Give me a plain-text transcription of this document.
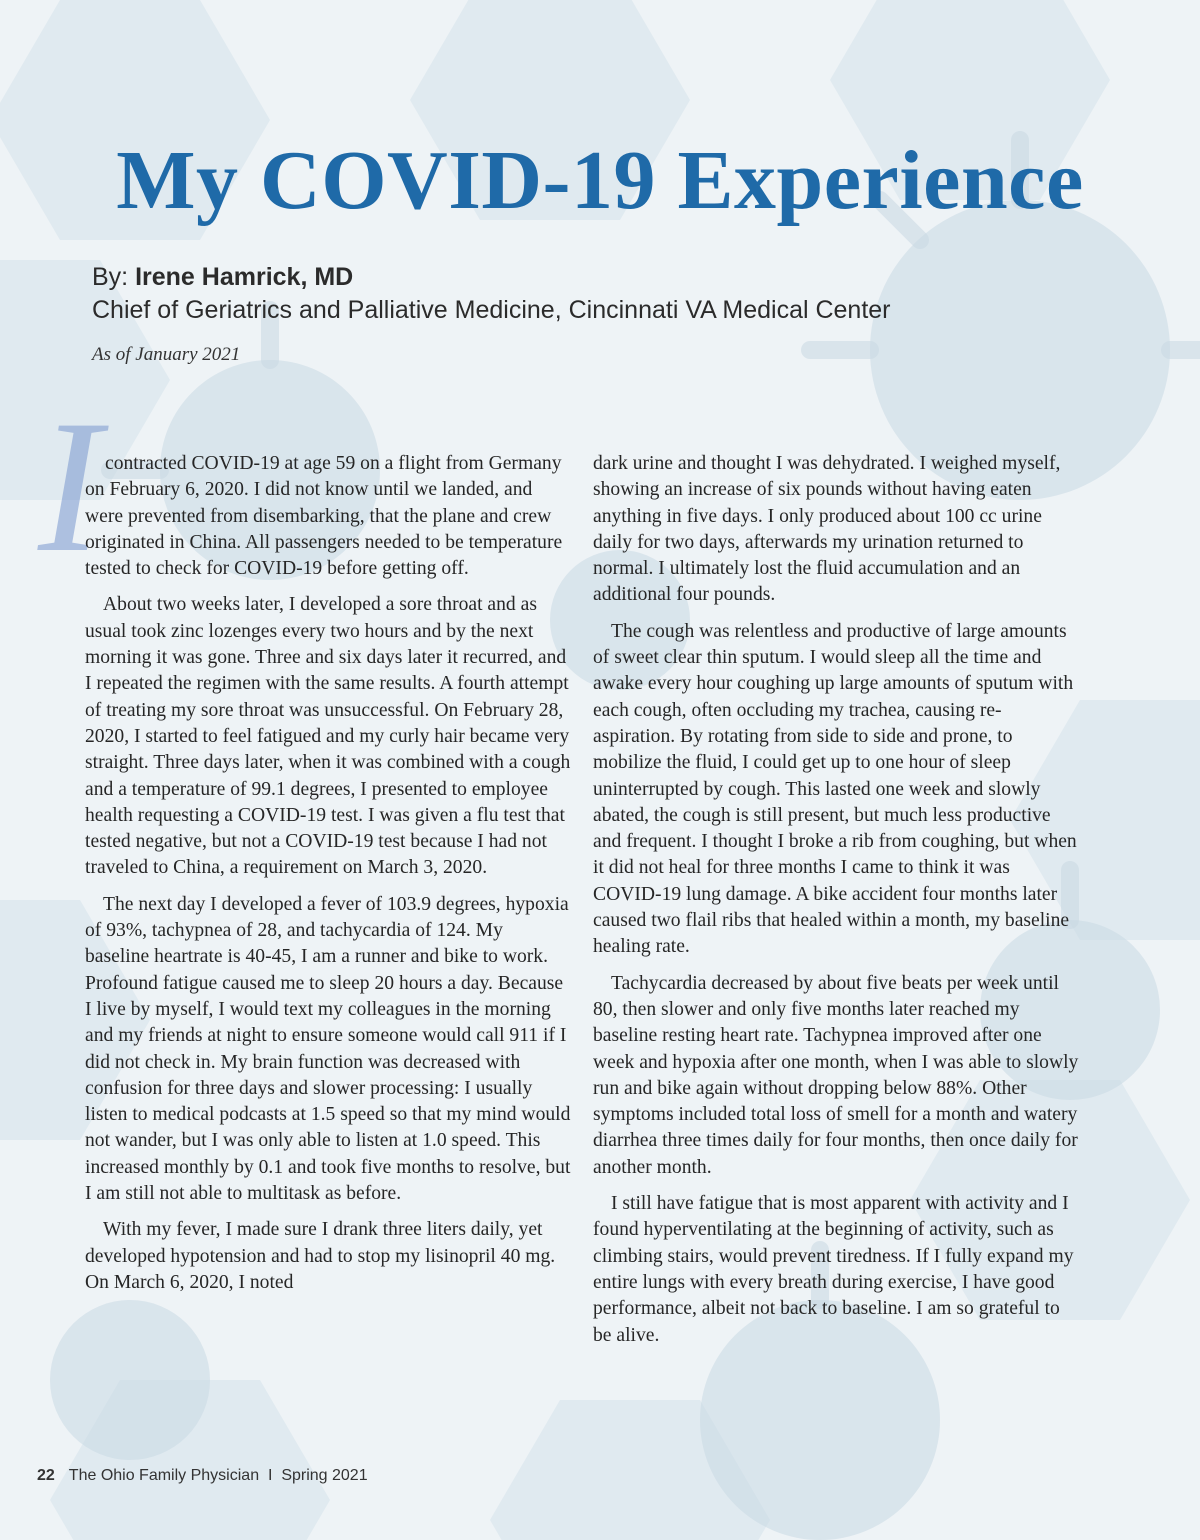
My COVID-19 Experience
By: Irene Hamrick, MD
Chief of Geriatrics and Palliative Medicine, Cincinnati VA Medical Center
As of January 2021
I contracted COVID-19 at age 59 on a flight from Germany on February 6, 2020. I did not know until we landed, and were prevented from disembarking, that the plane and crew originated in China. All passengers needed to be temperature tested to check for COVID-19 before getting off.

About two weeks later, I developed a sore throat and as usual took zinc lozenges every two hours and by the next morning it was gone. Three and six days later it recurred, and I repeated the regimen with the same results. A fourth attempt of treating my sore throat was unsuccessful. On February 28, 2020, I started to feel fatigued and my curly hair became very straight. Three days later, when it was combined with a cough and a temperature of 99.1 degrees, I presented to employee health requesting a COVID-19 test. I was given a flu test that tested negative, but not a COVID-19 test because I had not traveled to China, a requirement on March 3, 2020.

The next day I developed a fever of 103.9 degrees, hypoxia of 93%, tachypnea of 28, and tachycardia of 124. My baseline heartrate is 40-45, I am a runner and bike to work. Profound fatigue caused me to sleep 20 hours a day. Because I live by myself, I would text my colleagues in the morning and my friends at night to ensure someone would call 911 if I did not check in. My brain function was decreased with confusion for three days and slower processing: I usually listen to medical podcasts at 1.5 speed so that my mind would not wander, but I was only able to listen at 1.0 speed. This increased monthly by 0.1 and took five months to resolve, but I am still not able to multitask as before.

With my fever, I made sure I drank three liters daily, yet developed hypotension and had to stop my lisinopril 40 mg. On March 6, 2020, I noted

dark urine and thought I was dehydrated. I weighed myself, showing an increase of six pounds without having eaten anything in five days. I only produced about 100 cc urine daily for two days, afterwards my urination returned to normal. I ultimately lost the fluid accumulation and an additional four pounds.

The cough was relentless and productive of large amounts of sweet clear thin sputum. I would sleep all the time and awake every hour coughing up large amounts of sputum with each cough, often occluding my trachea, causing re-aspiration. By rotating from side to side and prone, to mobilize the fluid, I could get up to one hour of sleep uninterrupted by cough. This lasted one week and slowly abated, the cough is still present, but much less productive and frequent. I thought I broke a rib from coughing, but when it did not heal for three months I came to think it was COVID-19 lung damage. A bike accident four months later caused two flail ribs that healed within a month, my baseline healing rate.

Tachycardia decreased by about five beats per week until 80, then slower and only five months later reached my baseline resting heart rate. Tachypnea improved after one week and hypoxia after one month, when I was able to slowly run and bike again without dropping below 88%. Other symptoms included total loss of smell for a month and watery diarrhea three times daily for four months, then once daily for another month.

I still have fatigue that is most apparent with activity and I found hyperventilating at the beginning of activity, such as climbing stairs, would prevent tiredness. If I fully expand my entire lungs with every breath during exercise, I have good performance, albeit not back to baseline. I am so grateful to be alive.

22 The Ohio Family Physician  I  Spring 2021
